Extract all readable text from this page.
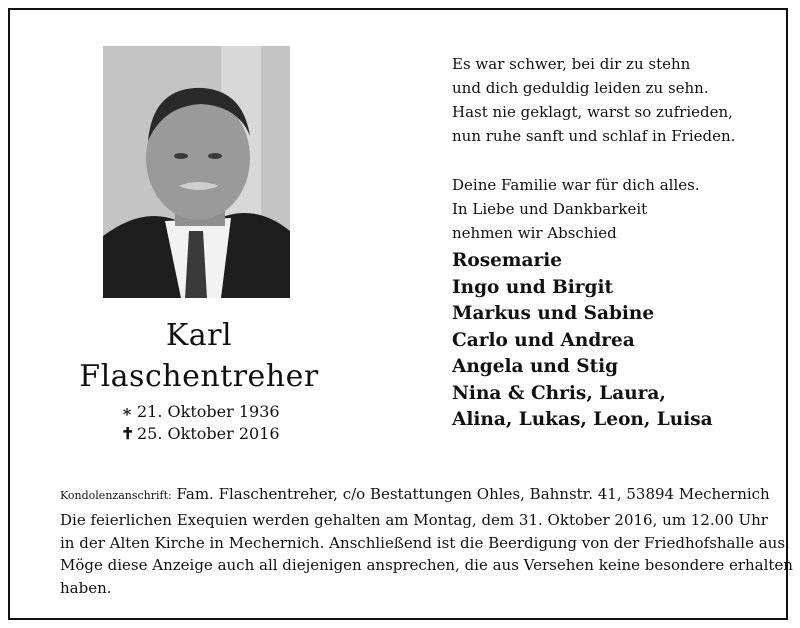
Karl
Flaschentreher
∗ 21. Oktober 1936
✝ 25. Oktober 2016
Es war schwer, bei dir zu stehn
und dich geduldig leiden zu sehn.
Hast nie geklagt, warst so zufrieden,
nun ruhe sanft und schlaf in Frieden.
Deine Familie war für dich alles.
In Liebe und Dankbarkeit
nehmen wir Abschied
Rosemarie
Ingo und Birgit
Markus und Sabine
Carlo und Andrea
Angela und Stig
Nina & Chris, Laura,
Alina, Lukas, Leon, Luisa
Kondolenzanschrift: Fam. Flaschentreher, c/o Bestattungen Ohles, Bahnstr. 41, 53894 Mechernich
Die feierlichen Exequien werden gehalten am Montag, dem 31. Oktober 2016, um 12.00 Uhr
in der Alten Kirche in Mechernich. Anschließend ist die Beerdigung von der Friedhofshalle aus.
Möge diese Anzeige auch all diejenigen ansprechen, die aus Versehen keine besondere erhalten
haben.
